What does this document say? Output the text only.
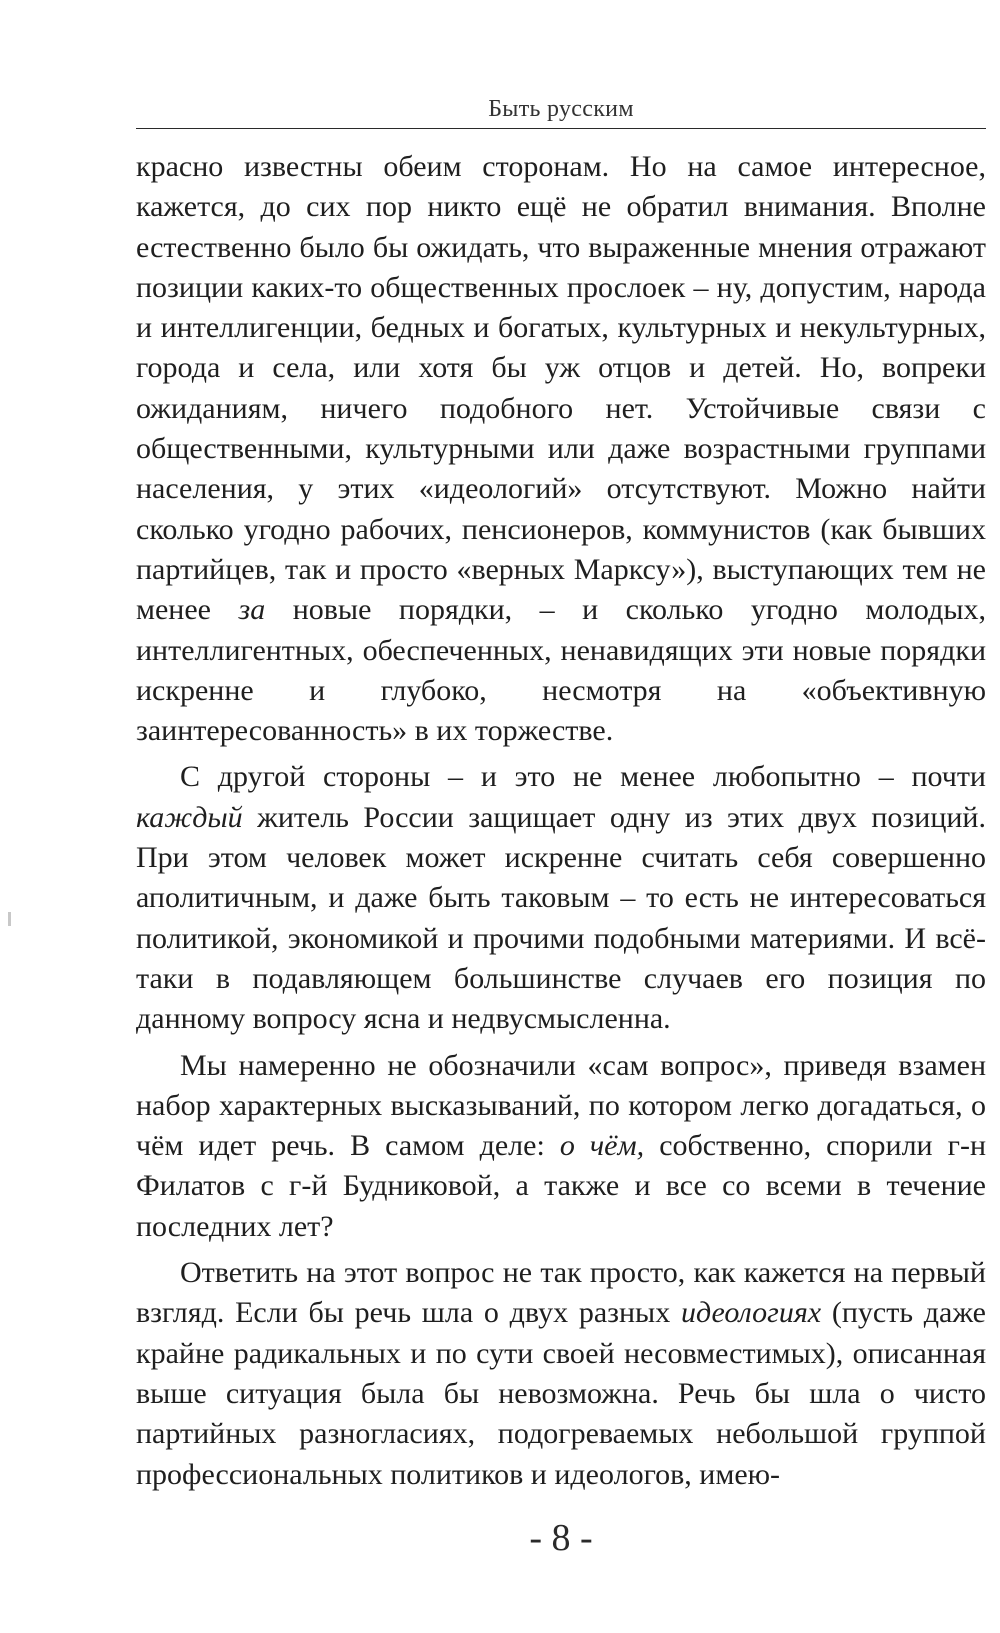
Быть русским

красно известны обеим сторонам. Но на самое интересное, кажется, до сих пор никто ещё не обратил внимания. Вполне естественно было бы ожидать, что выраженные мнения отражают позиции каких-то общественных прослоек – ну, допустим, народа и интеллигенции, бедных и богатых, культурных и некультурных, города и села, или хотя бы уж отцов и детей. Но, вопреки ожиданиям, ничего подобного нет. Устойчивые связи с общественными, культурными или даже возрастными группами населения, у этих «идеологий» отсутствуют. Можно найти сколько угодно рабочих, пенсионеров, коммунистов (как бывших партийцев, так и просто «верных Марксу»), выступающих тем не менее за новые порядки, – и сколько угодно молодых, интеллигентных, обеспеченных, ненавидящих эти новые порядки искренне и глубоко, несмотря на «объективную заинтересованность» в их торжестве.

С другой стороны – и это не менее любопытно – почти каждый житель России защищает одну из этих двух позиций. При этом человек может искренне считать себя совершенно аполитичным, и даже быть таковым – то есть не интересоваться политикой, экономикой и прочими подобными материями. И всё-таки в подавляющем большинстве случаев его позиция по данному вопросу ясна и недвусмысленна.

Мы намеренно не обозначили «сам вопрос», приведя взамен набор характерных высказываний, по котором легко догадаться, о чём идет речь. В самом деле: о чём, собственно, спорили г-н Филатов с г-й Будниковой, а также и все со всеми в течение последних лет?

Ответить на этот вопрос не так просто, как кажется на первый взгляд. Если бы речь шла о двух разных идеологиях (пусть даже крайне радикальных и по сути своей несовместимых), описанная выше ситуация была бы невозможна. Речь бы шла о чисто партийных разногласиях, подогреваемых небольшой группой профессиональных политиков и идеологов, имею-

- 8 -
